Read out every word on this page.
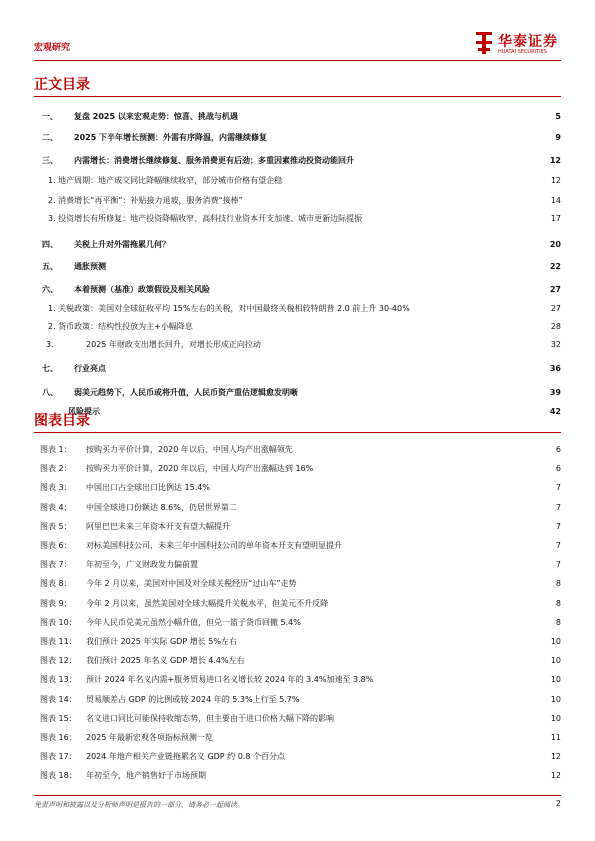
宏观研究	华泰证券
HUATAI SECURITIES
正文目录
一、 复盘 2025 以来宏观走势：惊喜、挑战与机遇	5
二、 2025 下半年增长预测：外需有序降温，内需继续修复	9
三、 内需增长：消费增长继续修复、服务消费更有后劲；多重因素推动投资动能回升	12
1. 地产周期：地产成交同比降幅继续收窄，部分城市价格有望企稳	12
2. 消费增长“再平衡”：补贴接力退坡，服务消费“接棒”	14
3. 投资增长有所修复：地产投资降幅收窄、高科技行业资本开支加速、城市更新边际提振	17
四、 关税上升对外需拖累几何？	20
五、 通胀预测	22
六、 本着预测（基准）政策假设及相关风险	27
1. 关税政策：美国对全球征收平均 15%左右的关税，对中国最终关税相较特朗普 2.0 前上升 30-40%	27
2. 货币政策：结构性投放为主+小幅降息	28
3.	2025 年财政支出增长回升，对增长形成正向拉动	32
七、 行业亮点	36
八、 弱美元趋势下，人民币或将升值，人民币资产重估逻辑愈发明晰	39
风险提示	42
图表目录
图表 1： 按购买力平价计算，2020 年以后、中国人均产出涨幅领先	6
图表 2： 按购买力平价计算，2020 年以后，中国人均产出涨幅达到 16%	6
图表 3： 中国出口占全球出口比例达 15.4%	7
图表 4： 中国全球进口份额达 8.6%，仍居世界第二	7
图表 5： 阿里巴巴未来三年资本开支有望大幅提升	7
图表 6： 对标美国科技公司，未来三年中国科技公司的单年资本开支有望明显提升	7
图表 7： 年初至今，广义财政发力偏前置	7
图表 8： 今年 2 月以来，美国对中国及对全球关税经历“过山车”走势	8
图表 9： 今年 2 月以来，虽然美国对全球大幅提升关税水平，但美元不升反降	8
图表 10： 今年人民币兑美元虽然小幅升值，但兑一篮子货币回撤 5.4%	8
图表 11： 我们预计 2025 年实际 GDP 增长 5%左右	10
图表 12： 我们预计 2025 年名义 GDP 增长 4.4%左右	10
图表 13： 预计 2024 年名义内需+服务贸易进口名义增长较 2024 年的 3.4%加速至 3.8%	10
图表 14： 贸易顺差占 GDP 的比例或较 2024 年的 5.3%上行至 5.7%	10
图表 15： 名义进口同比可能保持收缩态势，但主要由于进口价格大幅下降的影响	10
图表 16： 2025 年最新宏观各项指标预测一览	11
图表 17： 2024 年地产相关产业链拖累名义 GDP 约 0.8 个百分点	12
图表 18： 年初至今，地产销售好于市场预期	12
免责声明和披露以及分析师声明是报告的一部分，请务必一起阅读。	2
